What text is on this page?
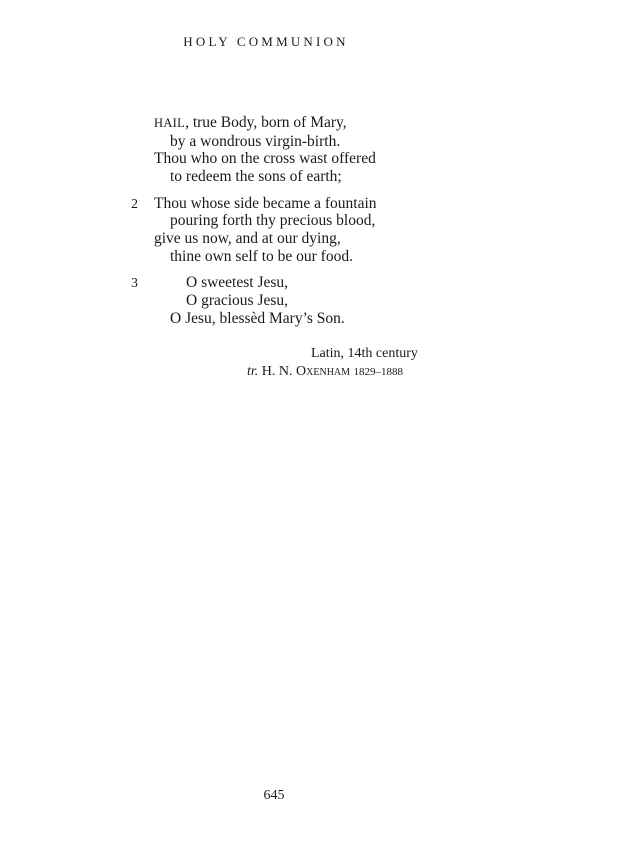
HOLY COMMUNION
HAIL, true Body, born of Mary,
by a wondrous virgin-birth.
Thou who on the cross wast offered
to redeem the sons of earth;
2 Thou whose side became a fountain
pouring forth thy precious blood,
give us now, and at our dying,
thine own self to be our food.
3	O sweetest Jesu,
O gracious Jesu,
O Jesu, blessèd Mary’s Son.
Latin, 14th century
tr. H. N. Oxenham 1829–1888
645
